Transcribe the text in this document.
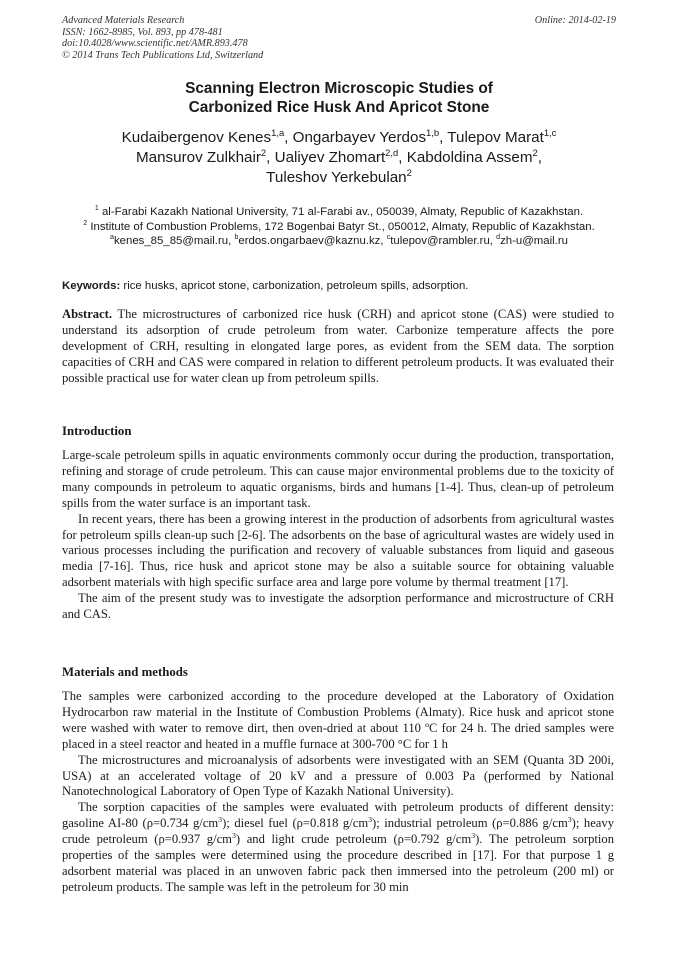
Advanced Materials Research
ISSN: 1662-8985, Vol. 893, pp 478-481
doi:10.4028/www.scientific.net/AMR.893.478
© 2014 Trans Tech Publications Ltd, Switzerland
Online: 2014-02-19
Scanning Electron Microscopic Studies of
Carbonized Rice Husk And Apricot Stone
Kudaibergenov Kenes$^{1,a}$, Ongarbayev Yerdos$^{1,b}$, Tulepov Marat$^{1,c}$
Mansurov Zulkhair$^2$, Ualiyev Zhomart$^{2,d}$, Kabdoldina Assem$^2$,
Tuleshov Yerkebulan$^2$
$^1$ al-Farabi Kazakh National University, 71 al-Farabi av., 050039, Almaty, Republic of Kazakhstan.
$^2$ Institute of Combustion Problems, 172 Bogenbai Batyr St., 050012, Almaty, Republic of Kazakhstan.
$^a$kenes_85_85@mail.ru, $^b$erdos.ongarbaev@kaznu.kz, $^c$tulepov@rambler.ru, $^d$zh-u@mail.ru
Keywords: rice husks, apricot stone, carbonization, petroleum spills, adsorption.

Abstract. The microstructures of carbonized rice husk (CRH) and apricot stone (CAS) were studied to understand its adsorption of crude petroleum from water. Carbonize temperature affects the pore development of CRH, resulting in elongated large pores, as evident from the SEM data. The sorption capacities of CRH and CAS were compared in relation to different petroleum products. It was evaluated their possible practical use for water clean up from petroleum spills.

Introduction

Large-scale petroleum spills in aquatic environments commonly occur during the production, transportation, refining and storage of crude petroleum. This can cause major environmental problems due to the toxicity of many compounds in petroleum to aquatic organisms, birds and humans [1-4]. Thus, clean-up of petroleum spills from the water surface is an important task.

In recent years, there has been a growing interest in the production of adsorbents from agricultural wastes for petroleum spills clean-up such [2-6]. The adsorbents on the base of agricultural wastes are widely used in various processes including the purification and recovery of valuable substances from liquid and gaseous media [7-16]. Thus, rice husk and apricot stone may be also a suitable source for obtaining valuable adsorbent materials with high specific surface area and large pore volume by thermal treatment [17].

The aim of the present study was to investigate the adsorption performance and microstructure of CRH and CAS.

Materials and methods

The samples were carbonized according to the procedure developed at the Laboratory of Oxidation Hydrocarbon raw material in the Institute of Combustion Problems (Almaty). Rice husk and apricot stone were washed with water to remove dirt, then oven-dried at about 110 ºC for 24 h. The dried samples were placed in a steel reactor and heated in a muffle furnace at 300-700 °C for 1 h

The microstructures and microanalysis of adsorbents were investigated with an SEM (Quanta 3D 200i, USA) at an accelerated voltage of 20 kV and a pressure of 0.003 Pa (performed by National Nanotechnological Laboratory of Open Type of Kazakh National University).

The sorption capacities of the samples were evaluated with petroleum products of different density: gasoline AI-80 (ρ=0.734 $g/cm^3$); diesel fuel (ρ=0.818 $g/cm^3$); industrial petroleum (ρ=0.886 $g/cm^3$); heavy crude petroleum (ρ=0.937 $g/cm^3$) and light crude petroleum (ρ=0.792 $g/cm^3$). The petroleum sorption properties of the samples were determined using the procedure described in [17]. For that purpose 1 g adsorbent material was placed in an unwoven fabric pack then immersed into the petroleum (200 ml) or petroleum products. The sample was left in the petroleum for 30 min
